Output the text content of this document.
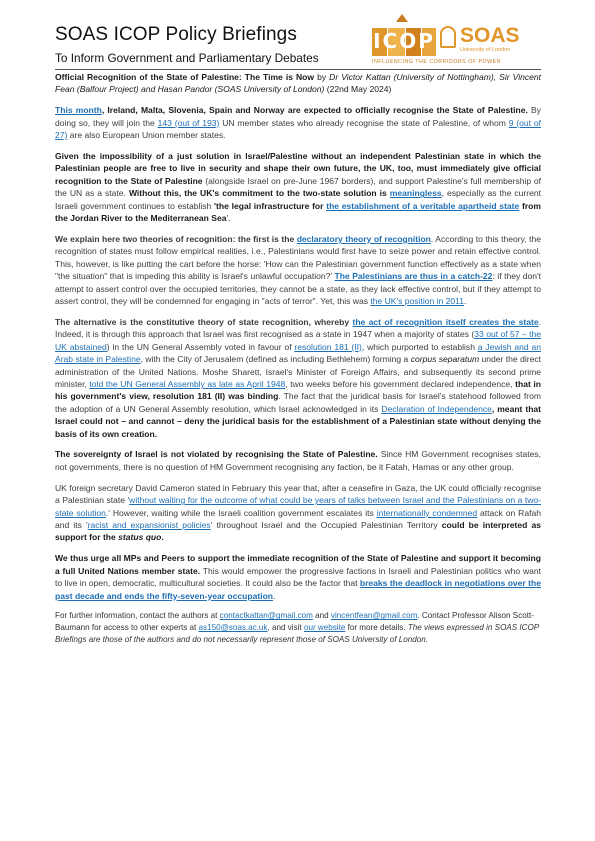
SOAS ICOP Policy Briefings
To Inform Government and Parliamentary Debates
ICOP SOAS
University of London
INFLUENCING THE CORRIDORS OF POWER

Official Recognition of the State of Palestine: The Time is Now by Dr Victor Kattan (University of Nottingham), Sir Vincent Fean (Balfour Project) and Hasan Pandor (SOAS University of London) (22nd May 2024)

This month, Ireland, Malta, Slovenia, Spain and Norway are expected to officially recognise the State of Palestine. By doing so, they will join the 143 (out of 193) UN member states who already recognise the state of Palestine, of whom 9 (out of 27) are also European Union member states.

Given the impossibility of a just solution in Israel/Palestine without an independent Palestinian state in which the Palestinian people are free to live in security and shape their own future, the UK, too, must immediately give official recognition to the State of Palestine (alongside Israel on pre-June 1967 borders), and support Palestine's full membership of the UN as a state. Without this, the UK's commitment to the two-state solution is meaningless, especially as the current Israeli government continues to establish 'the legal infrastructure for the establishment of a veritable apartheid state from the Jordan River to the Mediterranean Sea'.

We explain here two theories of recognition: the first is the declaratory theory of recognition. According to this theory, the recognition of states must follow empirical realities, i.e., Palestinians would first have to seize power and retain effective control. This, however, is like putting the cart before the horse: 'How can the Palestinian government function effectively as a state when "the situation" that is impeding this ability is Israel's unlawful occupation?' The Palestinians are thus in a catch-22: if they don't attempt to assert control over the occupied territories, they cannot be a state, as they lack effective control, but if they attempt to assert control, they will be condemned for engaging in "acts of terror". Yet, this was the UK's position in 2011.

The alternative is the constitutive theory of state recognition, whereby the act of recognition itself creates the state. Indeed, it is through this approach that Israel was first recognised as a state in 1947 when a majority of states (33 out of 57 – the UK abstained) in the UN General Assembly voted in favour of resolution 181 (II), which purported to establish a Jewish and an Arab state in Palestine, with the City of Jerusalem (defined as including Bethlehem) forming a corpus separatum under the direct administration of the United Nations. Moshe Sharett, Israel's Minister of Foreign Affairs, and subsequently its second prime minister, told the UN General Assembly as late as April 1948, two weeks before his government declared independence, that in his government's view, resolution 181 (II) was binding. The fact that the juridical basis for Israel's statehood followed from the adoption of a UN General Assembly resolution, which Israel acknowledged in its Declaration of Independence, meant that Israel could not – and cannot – deny the juridical basis for the establishment of a Palestinian state without denying the basis of its own creation.

The sovereignty of Israel is not violated by recognising the State of Palestine. Since HM Government recognises states, not governments, there is no question of HM Government recognising any faction, be it Fatah, Hamas or any other group.

UK foreign secretary David Cameron stated in February this year that, after a ceasefire in Gaza, the UK could officially recognise a Palestinian state 'without waiting for the outcome of what could be years of talks between Israel and the Palestinians on a two-state solution.' However, waiting while the Israeli coalition government escalates its internationally condemned attack on Rafah and its 'racist and expansionist policies' throughout Israel and the Occupied Palestinian Territory could be interpreted as support for the status quo.

We thus urge all MPs and Peers to support the immediate recognition of the State of Palestine and support it becoming a full United Nations member state. This would empower the progressive factions in Israeli and Palestinian politics who want to live in open, democratic, multicultural societies. It could also be the factor that breaks the deadlock in negotiations over the past decade and ends the fifty-seven-year occupation.

For further information, contact the authors at contactkattan@gmail.com and vincentfean@gmail.com. Contact Professor Alison Scott-Baumann for access to other experts at as150@soas.ac.uk, and visit our website for more details. The views expressed in SOAS ICOP Briefings are those of the authors and do not necessarily represent those of SOAS University of London.
